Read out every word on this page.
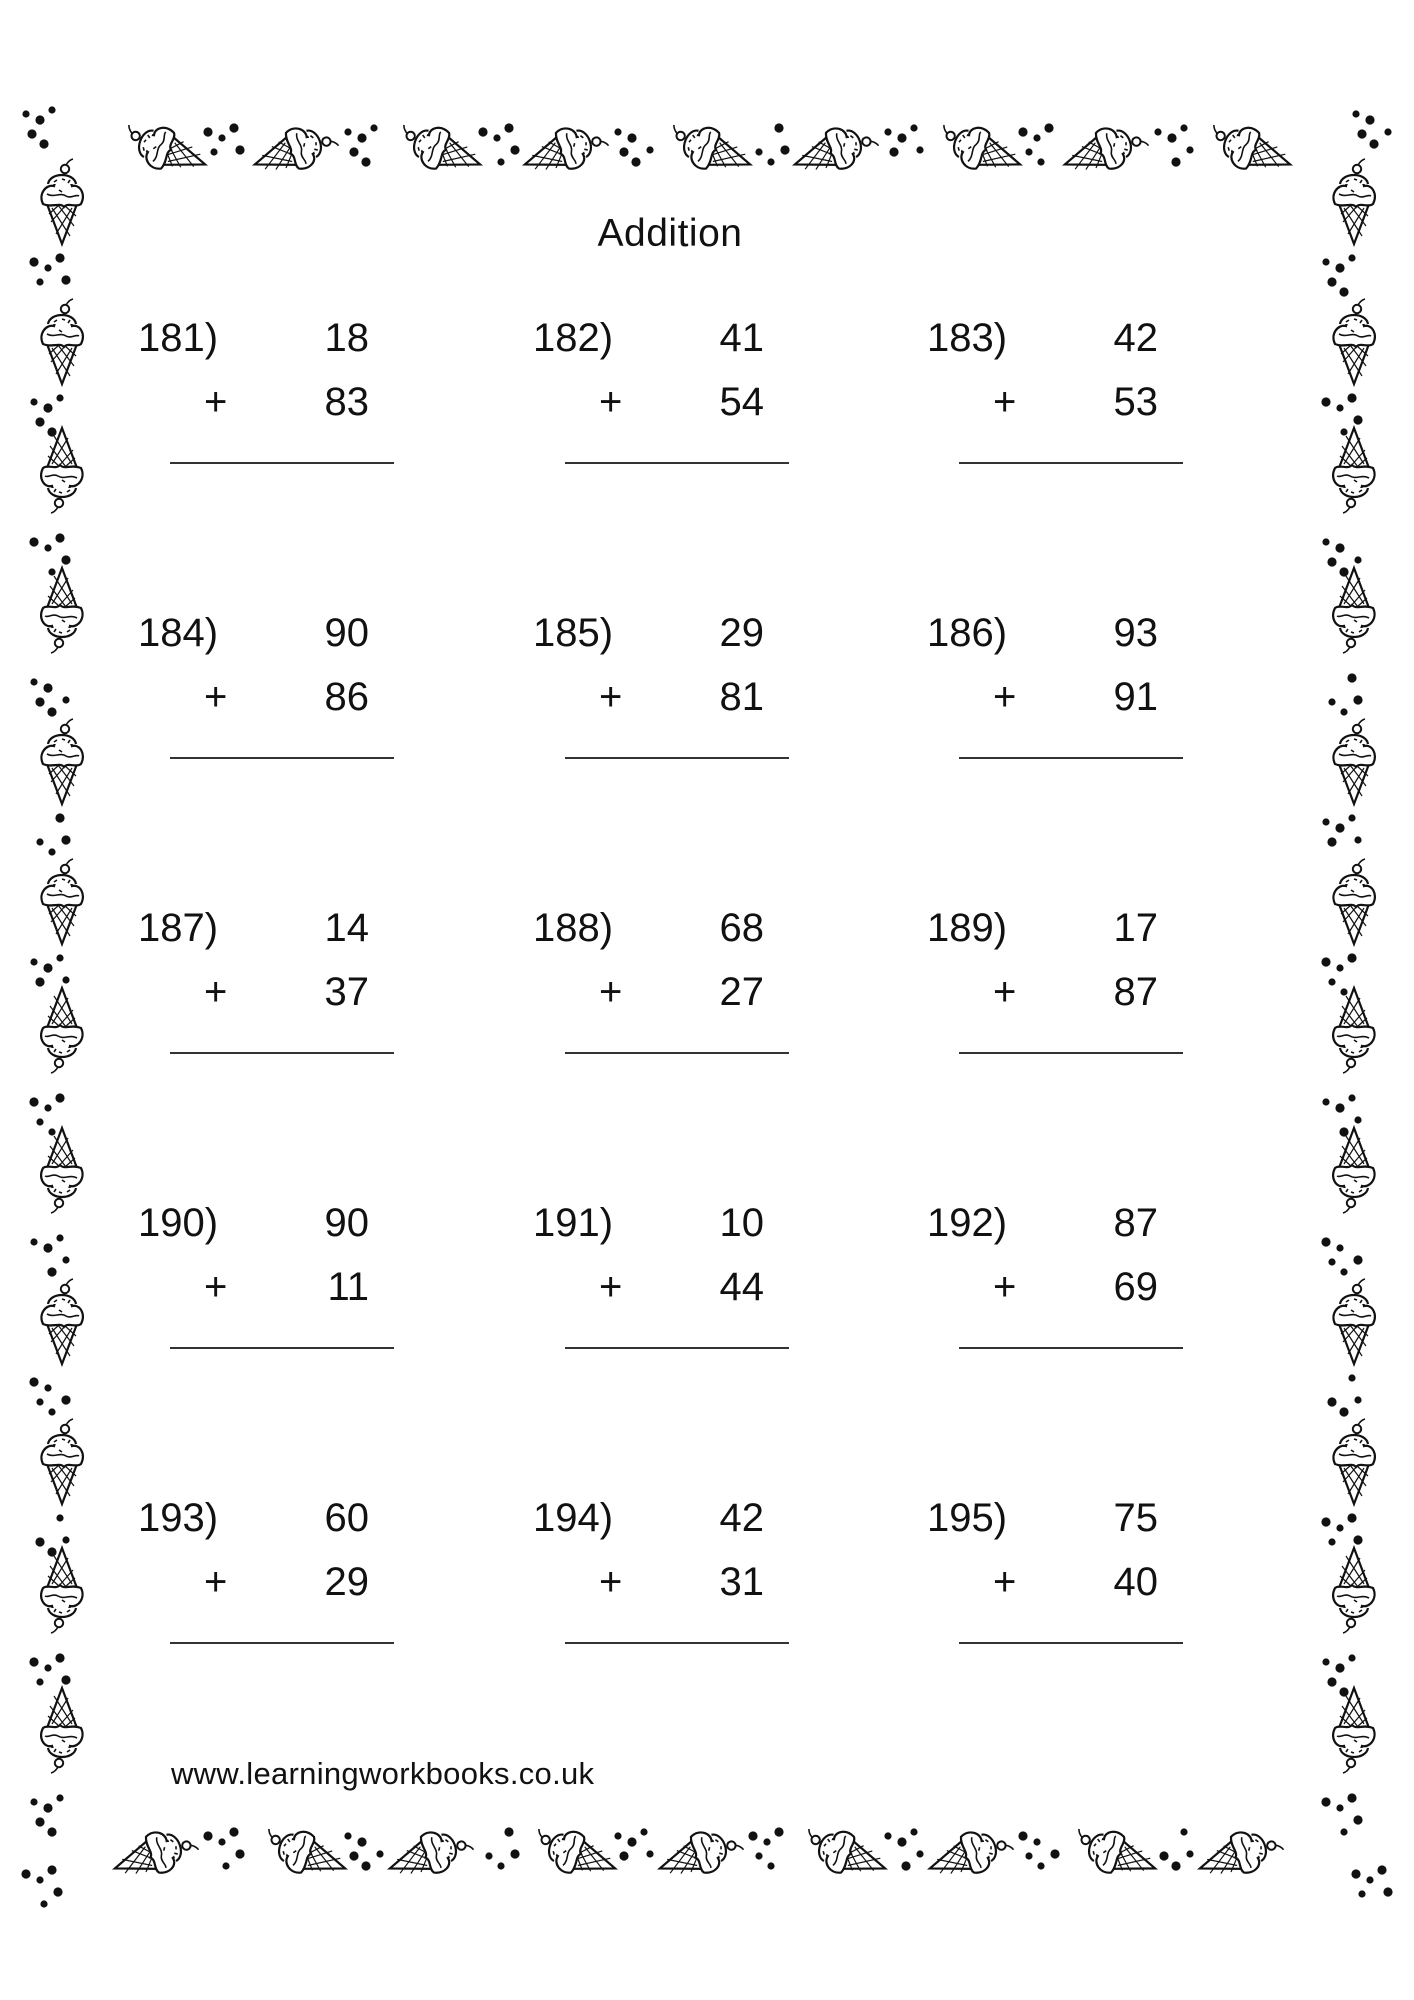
Addition
181)	18
+ 83
182)	41
+ 54
183)	42
+ 53
184)	90
+ 86
185)	29
+ 81
186)	93
+ 91
187)	14
+ 37
188)	68
+ 27
189)	17
+ 87
190)	90
+	11
191)	10
+ 44
192)	87
+ 69
193)	60
+ 29
194)	42
+ 31
195)	75
+ 40
www.learningworkbooks.co.uk
